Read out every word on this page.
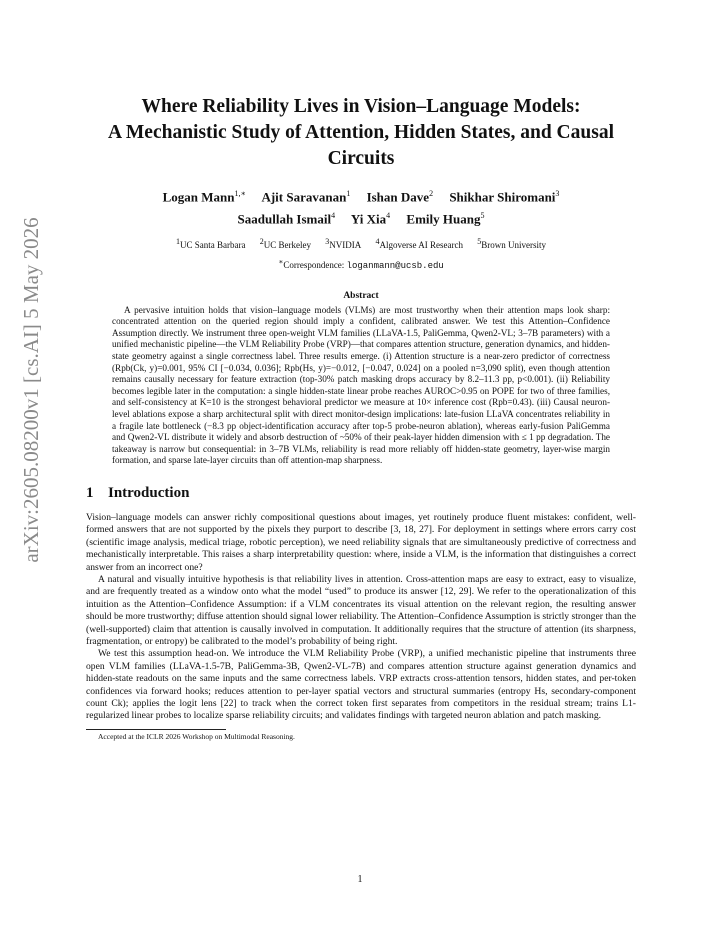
arXiv:2605.08200v1 [cs.AI] 5 May 2026
Where Reliability Lives in Vision–Language Models:
A Mechanistic Study of Attention, Hidden States, and Causal
Circuits
Logan Mann$^{1,∗}$ Ajit Saravanan$^1$ Ishan Dave$^2$ Shikhar Shiromani$^3$
Saadullah Ismail$^4$ Yi Xia$^4$ Emily Huang$^5$
$^1$UC Santa Barbara $^2$UC Berkeley $^3$NVIDIA $^4$Algoverse AI Research $^5$Brown University
∗Correspondence: loganmann@ucsb.edu
Abstract

A pervasive intuition holds that vision–language models (VLMs) are most trustworthy when their attention maps look sharp: concentrated attention on the queried region should imply a confident, calibrated answer. We test this Attention–Confidence Assumption directly. We instrument three open-weight VLM families (LLaVA-1.5, PaliGemma, Qwen2-VL; 3–7B parameters) with a unified mechanistic pipeline—the VLM Reliability Probe (VRP)—that compares attention structure, generation dynamics, and hidden-state geometry against a single correctness label. Three results emerge. (i) Attention structure is a near-zero predictor of correctness (Rpb(Ck, y)=0.001, 95% CI [−0.034, 0.036]; Rpb(Hs, y)=−0.012, [−0.047, 0.024] on a pooled n=3,090 split), even though attention remains causally necessary for feature extraction (top-30% patch masking drops accuracy by 8.2–11.3 pp, p<0.001). (ii) Reliability becomes legible later in the computation: a single hidden-state linear probe reaches AUROC>0.95 on POPE for two of three families, and self-consistency at K=10 is the strongest behavioral predictor we measure at 10× inference cost (Rpb=0.43). (iii) Causal neuron-level ablations expose a sharp architectural split with direct monitor-design implications: late-fusion LLaVA concentrates reliability in a fragile late bottleneck (−8.3 pp object-identification accuracy after top-5 probe-neuron ablation), whereas early-fusion PaliGemma and Qwen2-VL distribute it widely and absorb destruction of ~50% of their peak-layer hidden dimension with ≤ 1 pp degradation. The takeaway is narrow but consequential: in 3–7B VLMs, reliability is read more reliably off hidden-state geometry, layer-wise margin formation, and sparse late-layer circuits than off attention-map sharpness.

1 Introduction

Vision–language models can answer richly compositional questions about images, yet routinely produce fluent mistakes: confident, well-formed answers that are not supported by the pixels they purport to describe [3, 18, 27]. For deployment in settings where errors carry cost (scientific image analysis, medical triage, robotic perception), we need reliability signals that are simultaneously predictive of correctness and mechanistically interpretable. This raises a sharp interpretability question: where, inside a VLM, is the information that distinguishes a correct answer from an incorrect one?

A natural and visually intuitive hypothesis is that reliability lives in attention. Cross-attention maps are easy to extract, easy to visualize, and are frequently treated as a window onto what the model “used” to produce its answer [12, 29]. We refer to the operationalization of this intuition as the Attention–Confidence Assumption: if a VLM concentrates its visual attention on the relevant region, the resulting answer should be more trustworthy; diffuse attention should signal lower reliability. The Attention–Confidence Assumption is strictly stronger than the (well-supported) claim that attention is causally involved in computation. It additionally requires that the structure of attention (its sharpness, fragmentation, or entropy) be calibrated to the model’s probability of being right.

We test this assumption head-on. We introduce the VLM Reliability Probe (VRP), a unified mechanistic pipeline that instruments three open VLM families (LLaVA-1.5-7B, PaliGemma-3B, Qwen2-VL-7B) and compares attention structure against generation dynamics and hidden-state readouts on the same inputs and the same correctness labels. VRP extracts cross-attention tensors, hidden states, and per-token confidences via forward hooks; reduces attention to per-layer spatial vectors and structural summaries (entropy Hs, secondary-component count Ck); applies the logit lens [22] to track when the correct token first separates from competitors in the residual stream; trains L1-regularized linear probes to localize sparse reliability circuits; and validates findings with targeted neuron ablation and patch masking.

Accepted at the ICLR 2026 Workshop on Multimodal Reasoning.
1
